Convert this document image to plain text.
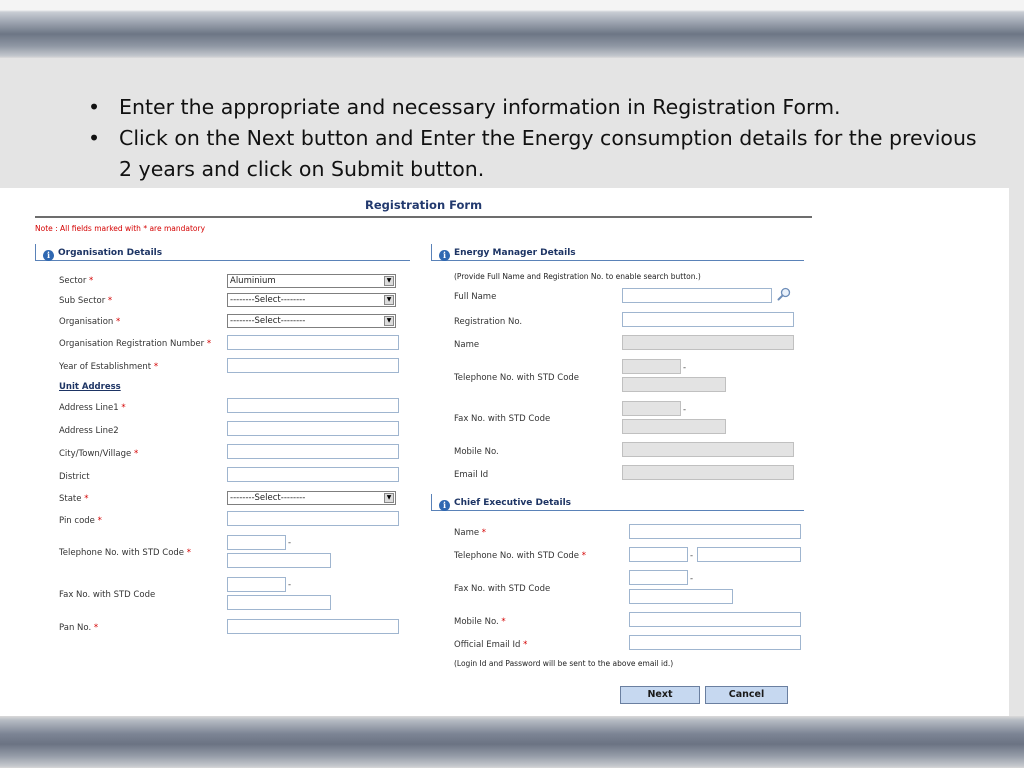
• Enter the appropriate and necessary information in Registration Form.
• Click on the Next button and Enter the Energy consumption details for the previous 2 years and click on Submit button.
Registration Form
Note : All fields marked with * are mandatory
i Organisation Details
Sector *	Aluminium	▼
Sub Sector *	--------Select--------	▼
Organisation *	--------Select--------	▼
Organisation Registration Number *
Year of Establishment *
Unit Address
Address Line1 *
Address Line2
City/Town/Village *
District
State *	--------Select--------	▼
Pin code *
Telephone No. with STD Code *
-
Fax No. with STD Code
-
Pan No. *
i Energy Manager Details
(Provide Full Name and Registration No. to enable search button.)
Full Name
Registration No.
Name
Telephone No. with STD Code
-
Fax No. with STD Code
-
Mobile No.
Email Id
i Chief Executive Details
Name *
Telephone No. with STD Code *	-
Fax No. with STD Code
-
Mobile No. *
Official Email Id *
(Login Id and Password will be sent to the above email id.)
Next	Cancel
